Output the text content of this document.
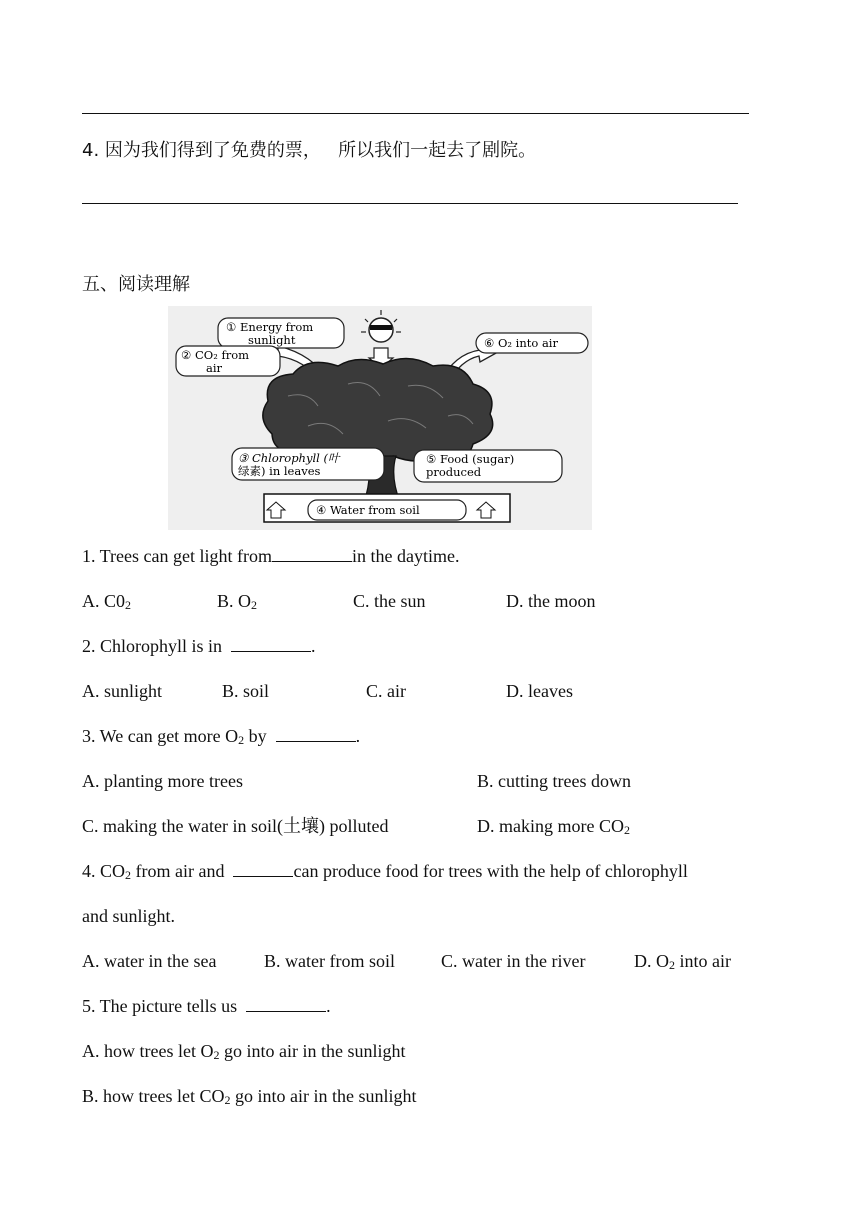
4. 因为我们得到了免费的票，   所以我们一起去了剧院。
五、阅读理解
① Energy from
sunlight
② CO₂ from
air
⑥ O₂ into air
③ Chlorophyll (叶
绿素) in leaves
⑤ Food (sugar)
produced
④ Water from soil
1. Trees can get light from	in the daytime.
A. $C0_2$	B. $O_2$	C. the sun	D. the moon
2. Chlorophyll is in	.
A. sunlight	B. soil	C. air	D. leaves
3. We can get more $O_2$ by	.
A. planting more trees	B. cutting trees down
C. making the water in soil(土壤) polluted	D. making more $CO_2$
4. $CO_2$ from air and	can produce food for trees with the help of chlorophyll
and sunlight.
A. water in the sea	B. water from soil	C. water in the river	D. $O_2$ into air
5. The picture tells us	.
A. how trees let $O_2$ go into air in the sunlight
B. how trees let $CO_2$ go into air in the sunlight
